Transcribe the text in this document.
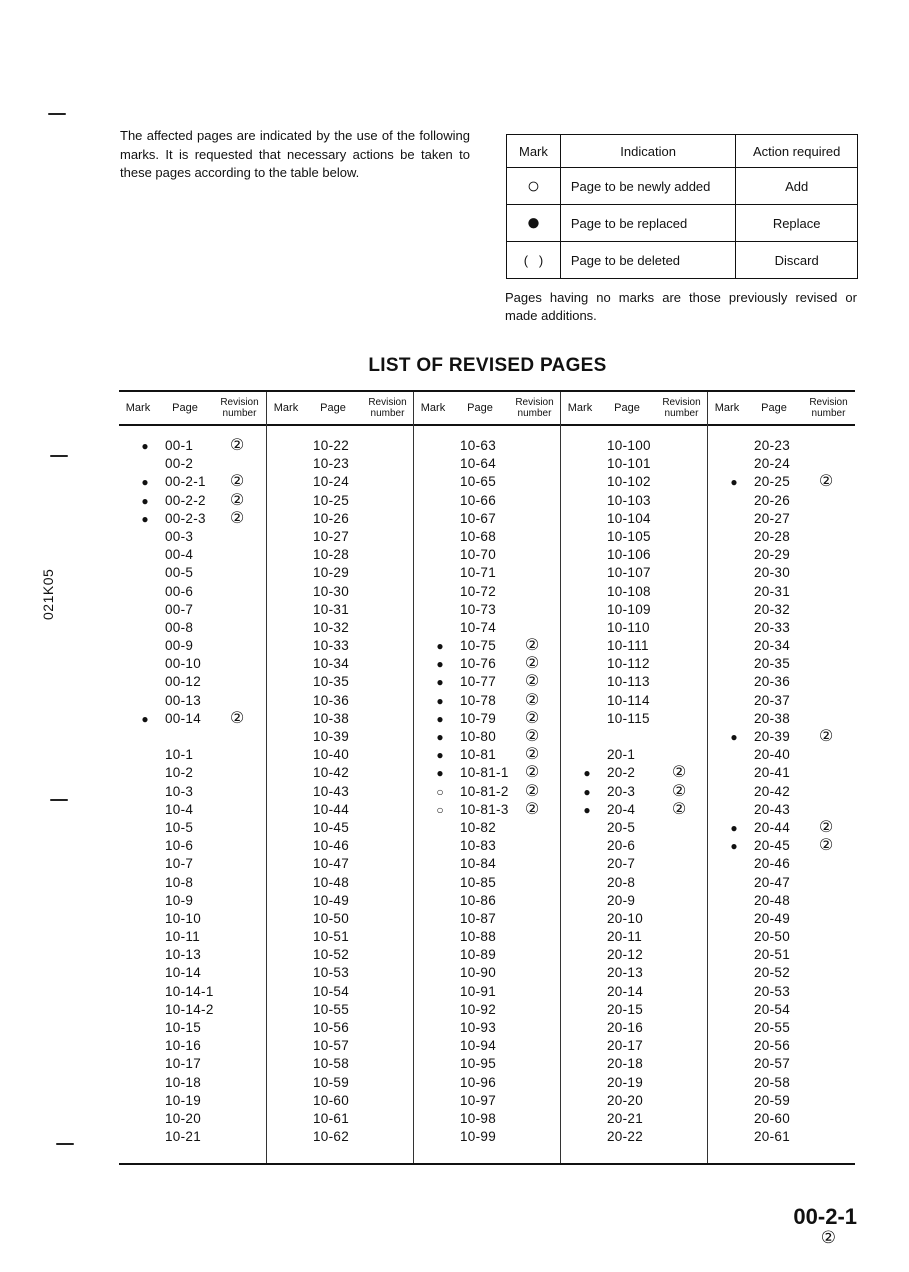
021K05

The affected pages are indicated by the use of the following marks. It is requested that necessary actions be taken to these pages according to the table below.

Mark	Indication	Action required
○	Page to be newly added	Add
●	Page to be replaced	Replace
(   )	Page to be deleted	Discard

Pages having no marks are those previously revised or made additions.

LIST OF REVISED PAGES
Mark	Page	Revision
number
●	00-1 ②
00-2
●	00-2-1 ②
●	00-2-2 ②
●	00-2-3 ②
00-3
00-4
00-5
00-6
00-7
00-8
00-9
00-10
00-12
00-13
●	00-14 ②
10-1
10-2
10-3
10-4
10-5
10-6
10-7
10-8
10-9
10-10
10-11
10-13
10-14
10-14-1
10-14-2
10-15
10-16
10-17
10-18
10-19
10-20
10-21
Mark	Page	Revision
number
10-22
10-23
10-24
10-25
10-26
10-27
10-28
10-29
10-30
10-31
10-32
10-33
10-34
10-35
10-36
10-38
10-39
10-40
10-42
10-43
10-44
10-45
10-46
10-47
10-48
10-49
10-50
10-51
10-52
10-53
10-54
10-55
10-56
10-57
10-58
10-59
10-60
10-61
10-62
Mark	Page	Revision
number
10-63
10-64
10-65
10-66
10-67
10-68
10-70
10-71
10-72
10-73
10-74
●	10-75 ②
●	10-76 ②
●	10-77 ②
●	10-78 ②
●	10-79 ②
●	10-80 ②
●	10-81 ②
●	10-81-1 ②
○	10-81-2 ②
○	10-81-3 ②
10-82
10-83
10-84
10-85
10-86
10-87
10-88
10-89
10-90
10-91
10-92
10-93
10-94
10-95
10-96
10-97
10-98
10-99
Mark	Page	Revision
number
10-100
10-101
10-102
10-103
10-104
10-105
10-106
10-107
10-108
10-109
10-110
10-111
10-112
10-113
10-114
10-115
20-1
●	20-2 ②
●	20-3 ②
●	20-4 ②
20-5
20-6
20-7
20-8
20-9
20-10
20-11
20-12
20-13
20-14
20-15
20-16
20-17
20-18
20-19
20-20
20-21
20-22
Mark	Page	Revision
number
20-23
20-24
●	20-25 ②
20-26
20-27
20-28
20-29
20-30
20-31
20-32
20-33
20-34
20-35
20-36
20-37
20-38
●	20-39 ②
20-40
20-41
20-42
20-43
●	20-44 ②
●	20-45 ②
20-46
20-47
20-48
20-49
20-50
20-51
20-52
20-53
20-54
20-55
20-56
20-57
20-58
20-59
20-60
20-61
00-2-1
②
